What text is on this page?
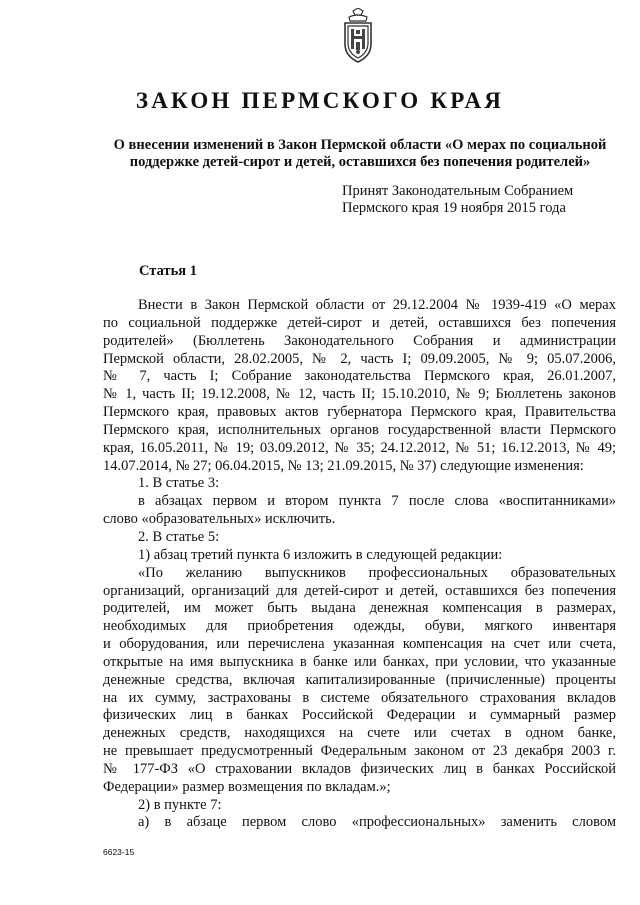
ЗАКОН ПЕРМСКОГО КРАЯ
О внесении изменений в Закон Пермской области «О мерах по социальной
поддержке детей-сирот и детей, оставшихся без попечения родителей»
Принят Законодательным Собранием
Пермского края 19 ноября 2015 года
Статья 1
Внести в Закон Пермской области от 29.12.2004 № 1939-419 «О мерах
по социальной поддержке детей-сирот и детей, оставшихся без попечения
родителей» (Бюллетень Законодательного Собрания и администрации
Пермской области, 28.02.2005, № 2, часть I; 09.09.2005, № 9; 05.07.2006,
№ 7, часть I; Собрание законодательства Пермского края, 26.01.2007,
№ 1, часть II; 19.12.2008, № 12, часть II; 15.10.2010, № 9; Бюллетень законов
Пермского края, правовых актов губернатора Пермского края, Правительства
Пермского края, исполнительных органов государственной власти Пермского
края, 16.05.2011, № 19; 03.09.2012, № 35; 24.12.2012, № 51; 16.12.2013, № 49;
14.07.2014, № 27; 06.04.2015, № 13; 21.09.2015, № 37) следующие изменения:
1. В статье 3:
в абзацах первом и втором пункта 7 после слова «воспитанниками»
слово «образовательных» исключить.
2. В статье 5:
1) абзац третий пункта 6 изложить в следующей редакции:
«По желанию выпускников профессиональных образовательных
организаций, организаций для детей-сирот и детей, оставшихся без попечения
родителей, им может быть выдана денежная компенсация в размерах,
необходимых для приобретения одежды, обуви, мягкого инвентаря
и оборудования, или перечислена указанная компенсация на счет или счета,
открытые на имя выпускника в банке или банках, при условии, что указанные
денежные средства, включая капитализированные (причисленные) проценты
на их сумму, застрахованы в системе обязательного страхования вкладов
физических лиц в банках Российской Федерации и суммарный размер
денежных средств, находящихся на счете или счетах в одном банке,
не превышает предусмотренный Федеральным законом от 23 декабря 2003 г.
№ 177-ФЗ «О страховании вкладов физических лиц в банках Российской
Федерации» размер возмещения по вкладам.»;
2) в пункте 7:
а) в абзаце первом слово «профессиональных» заменить словом
6623-15
